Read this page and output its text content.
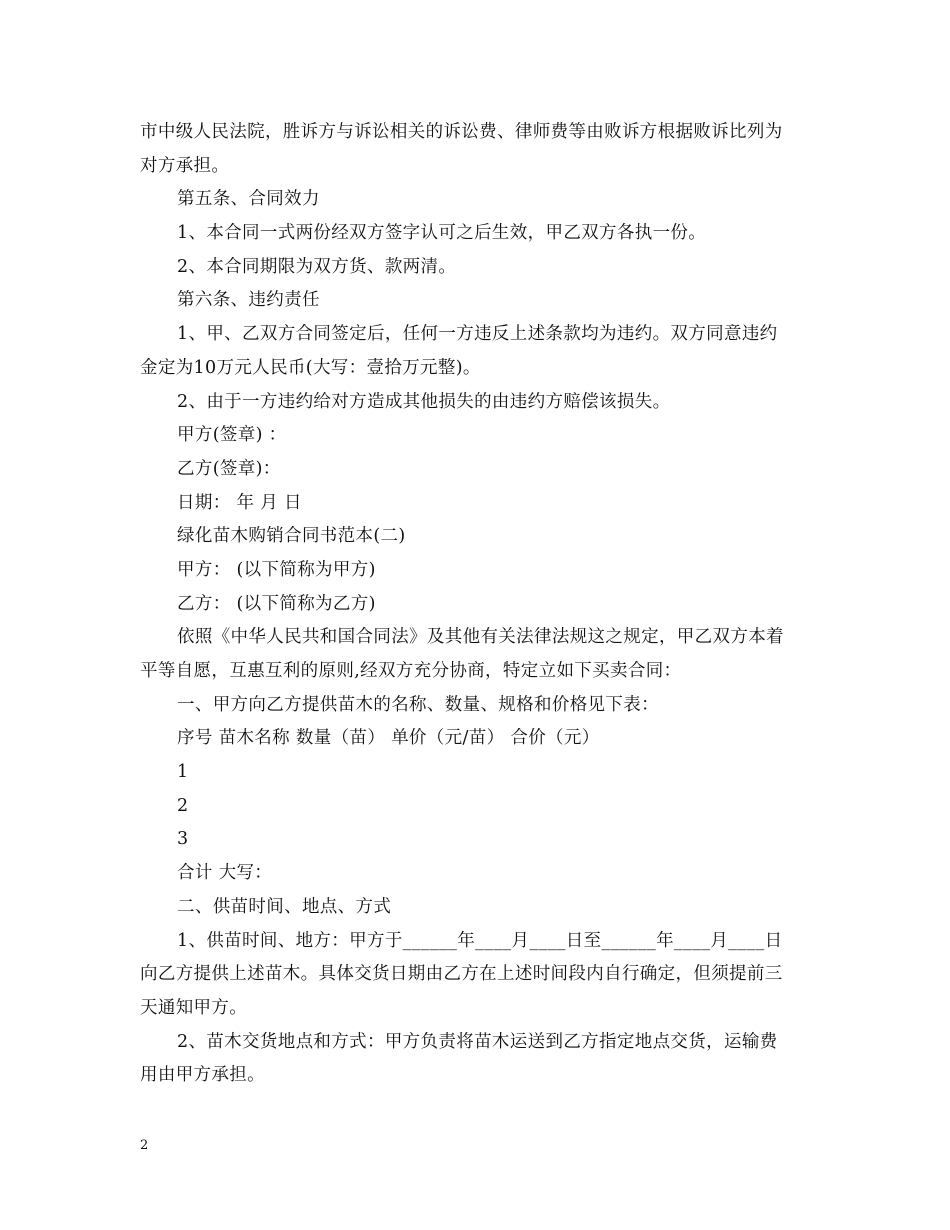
市中级人民法院，胜诉方与诉讼相关的诉讼费、律师费等由败诉方根据败诉比列为
对方承担。
第五条、合同效力
1、本合同一式两份经双方签字认可之后生效，甲乙双方各执一份。
2、本合同期限为双方货、款两清。
第六条、违约责任
1、甲、乙双方合同签定后，任何一方违反上述条款均为违约。双方同意违约
金定为10万元人民币(大写：壹拾万元整)。
2、由于一方违约给对方造成其他损失的由违约方赔偿该损失。
甲方(签章) ：
乙方(签章)：
日期： 年 月 日
绿化苗木购销合同书范本(二)
甲方： (以下简称为甲方)
乙方： (以下简称为乙方)
依照《中华人民共和国合同法》及其他有关法律法规这之规定，甲乙双方本着
平等自愿，互惠互利的原则,经双方充分协商，特定立如下买卖合同：
一、甲方向乙方提供苗木的名称、数量、规格和价格见下表：
序号 苗木名称 数量（苗） 单价（元/苗） 合价（元）
1
2
3
合计 大写：
二、供苗时间、地点、方式
1、供苗时间、地方：甲方于______年____月____日至______年____月____日
向乙方提供上述苗木。具体交货日期由乙方在上述时间段内自行确定，但须提前三
天通知甲方。
2、苗木交货地点和方式：甲方负责将苗木运送到乙方指定地点交货，运输费
用由甲方承担。
2
